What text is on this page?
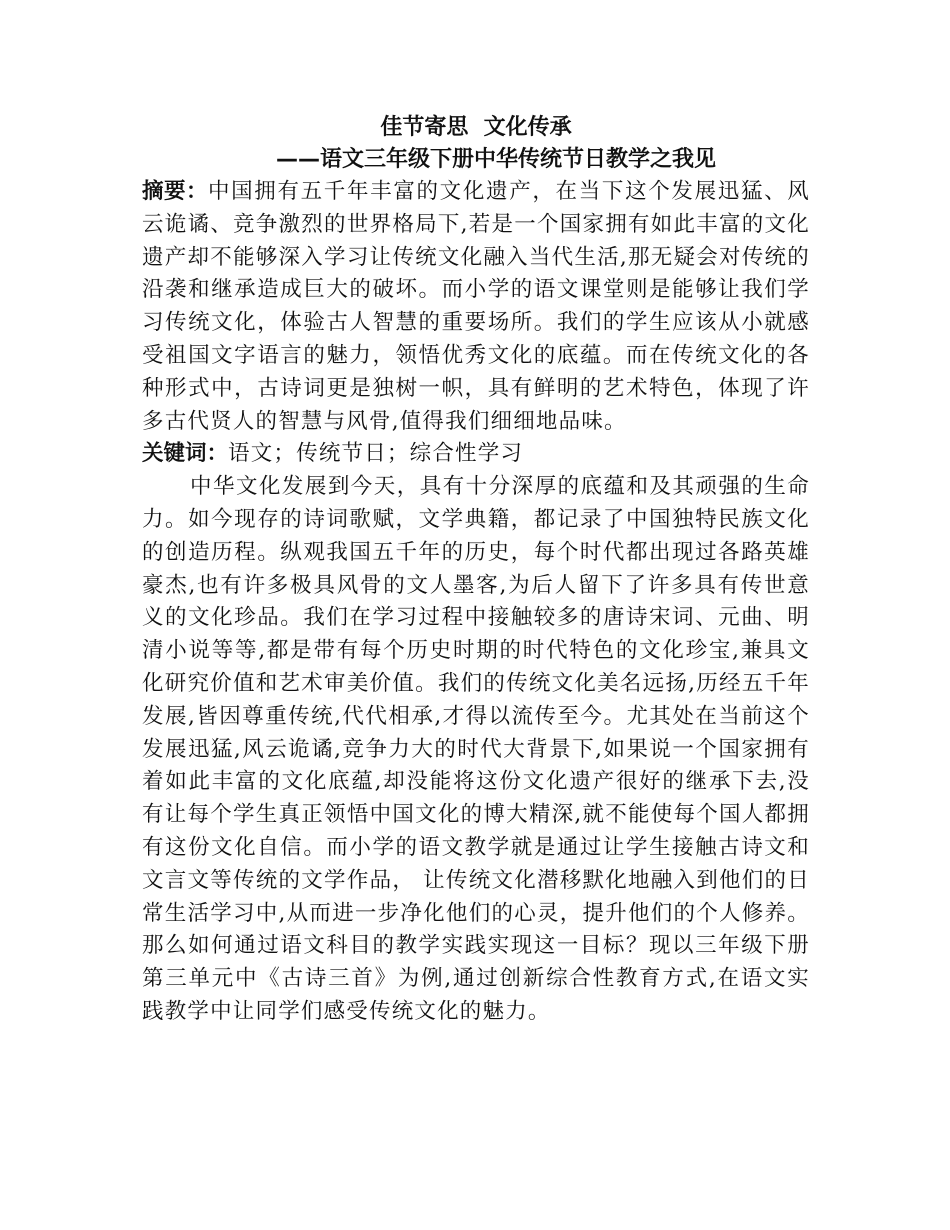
佳节寄思  文化传承

——语文三年级下册中华传统节日教学之我见

摘要：中国拥有五千年丰富的文化遗产，在当下这个发展迅猛、风云诡谲、竞争激烈的世界格局下,若是一个国家拥有如此丰富的文化遗产却不能够深入学习让传统文化融入当代生活,那无疑会对传统的沿袭和继承造成巨大的破坏。而小学的语文课堂则是能够让我们学习传统文化，体验古人智慧的重要场所。我们的学生应该从小就感受祖国文字语言的魅力，领悟优秀文化的底蕴。而在传统文化的各种形式中，古诗词更是独树一帜，具有鲜明的艺术特色，体现了许多古代贤人的智慧与风骨,值得我们细细地品味。

关键词：语文；传统节日；综合性学习

中华文化发展到今天，具有十分深厚的底蕴和及其顽强的生命力。如今现存的诗词歌赋，文学典籍，都记录了中国独特民族文化的创造历程。纵观我国五千年的历史，每个时代都出现过各路英雄豪杰,也有许多极具风骨的文人墨客,为后人留下了许多具有传世意义的文化珍品。我们在学习过程中接触较多的唐诗宋词、元曲、明清小说等等,都是带有每个历史时期的时代特色的文化珍宝,兼具文化研究价值和艺术审美价值。我们的传统文化美名远扬,历经五千年发展,皆因尊重传统,代代相承,才得以流传至今。尤其处在当前这个发展迅猛,风云诡谲,竞争力大的时代大背景下,如果说一个国家拥有着如此丰富的文化底蕴,却没能将这份文化遗产很好的继承下去,没有让每个学生真正领悟中国文化的博大精深,就不能使每个国人都拥有这份文化自信。而小学的语文教学就是通过让学生接触古诗文和文言文等传统的文学作品， 让传统文化潜移默化地融入到他们的日常生活学习中,从而进一步净化他们的心灵，提升他们的个人修养。那么如何通过语文科目的教学实践实现这一目标？现以三年级下册第三单元中《古诗三首》为例,通过创新综合性教育方式,在语文实践教学中让同学们感受传统文化的魅力。
